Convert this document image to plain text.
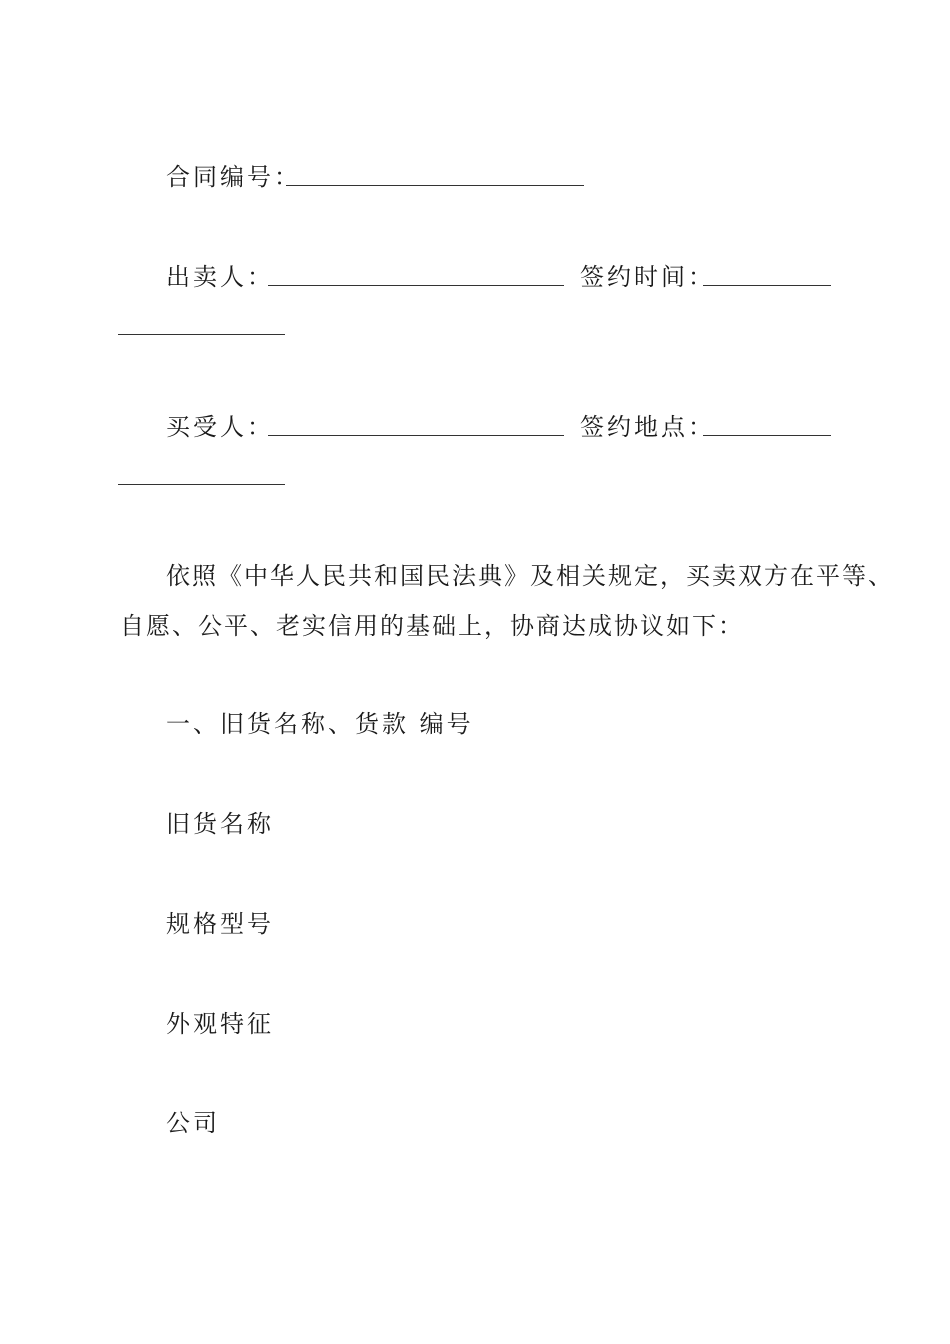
合同编号：
出卖人：	签约时间：
买受人：	签约地点：
依照《中华人民共和国民法典》及相关规定，买卖双方在平等、
自愿、公平、老实信用的基础上，协商达成协议如下：
一、旧货名称、货款 编号
旧货名称
规格型号
外观特征
公司
